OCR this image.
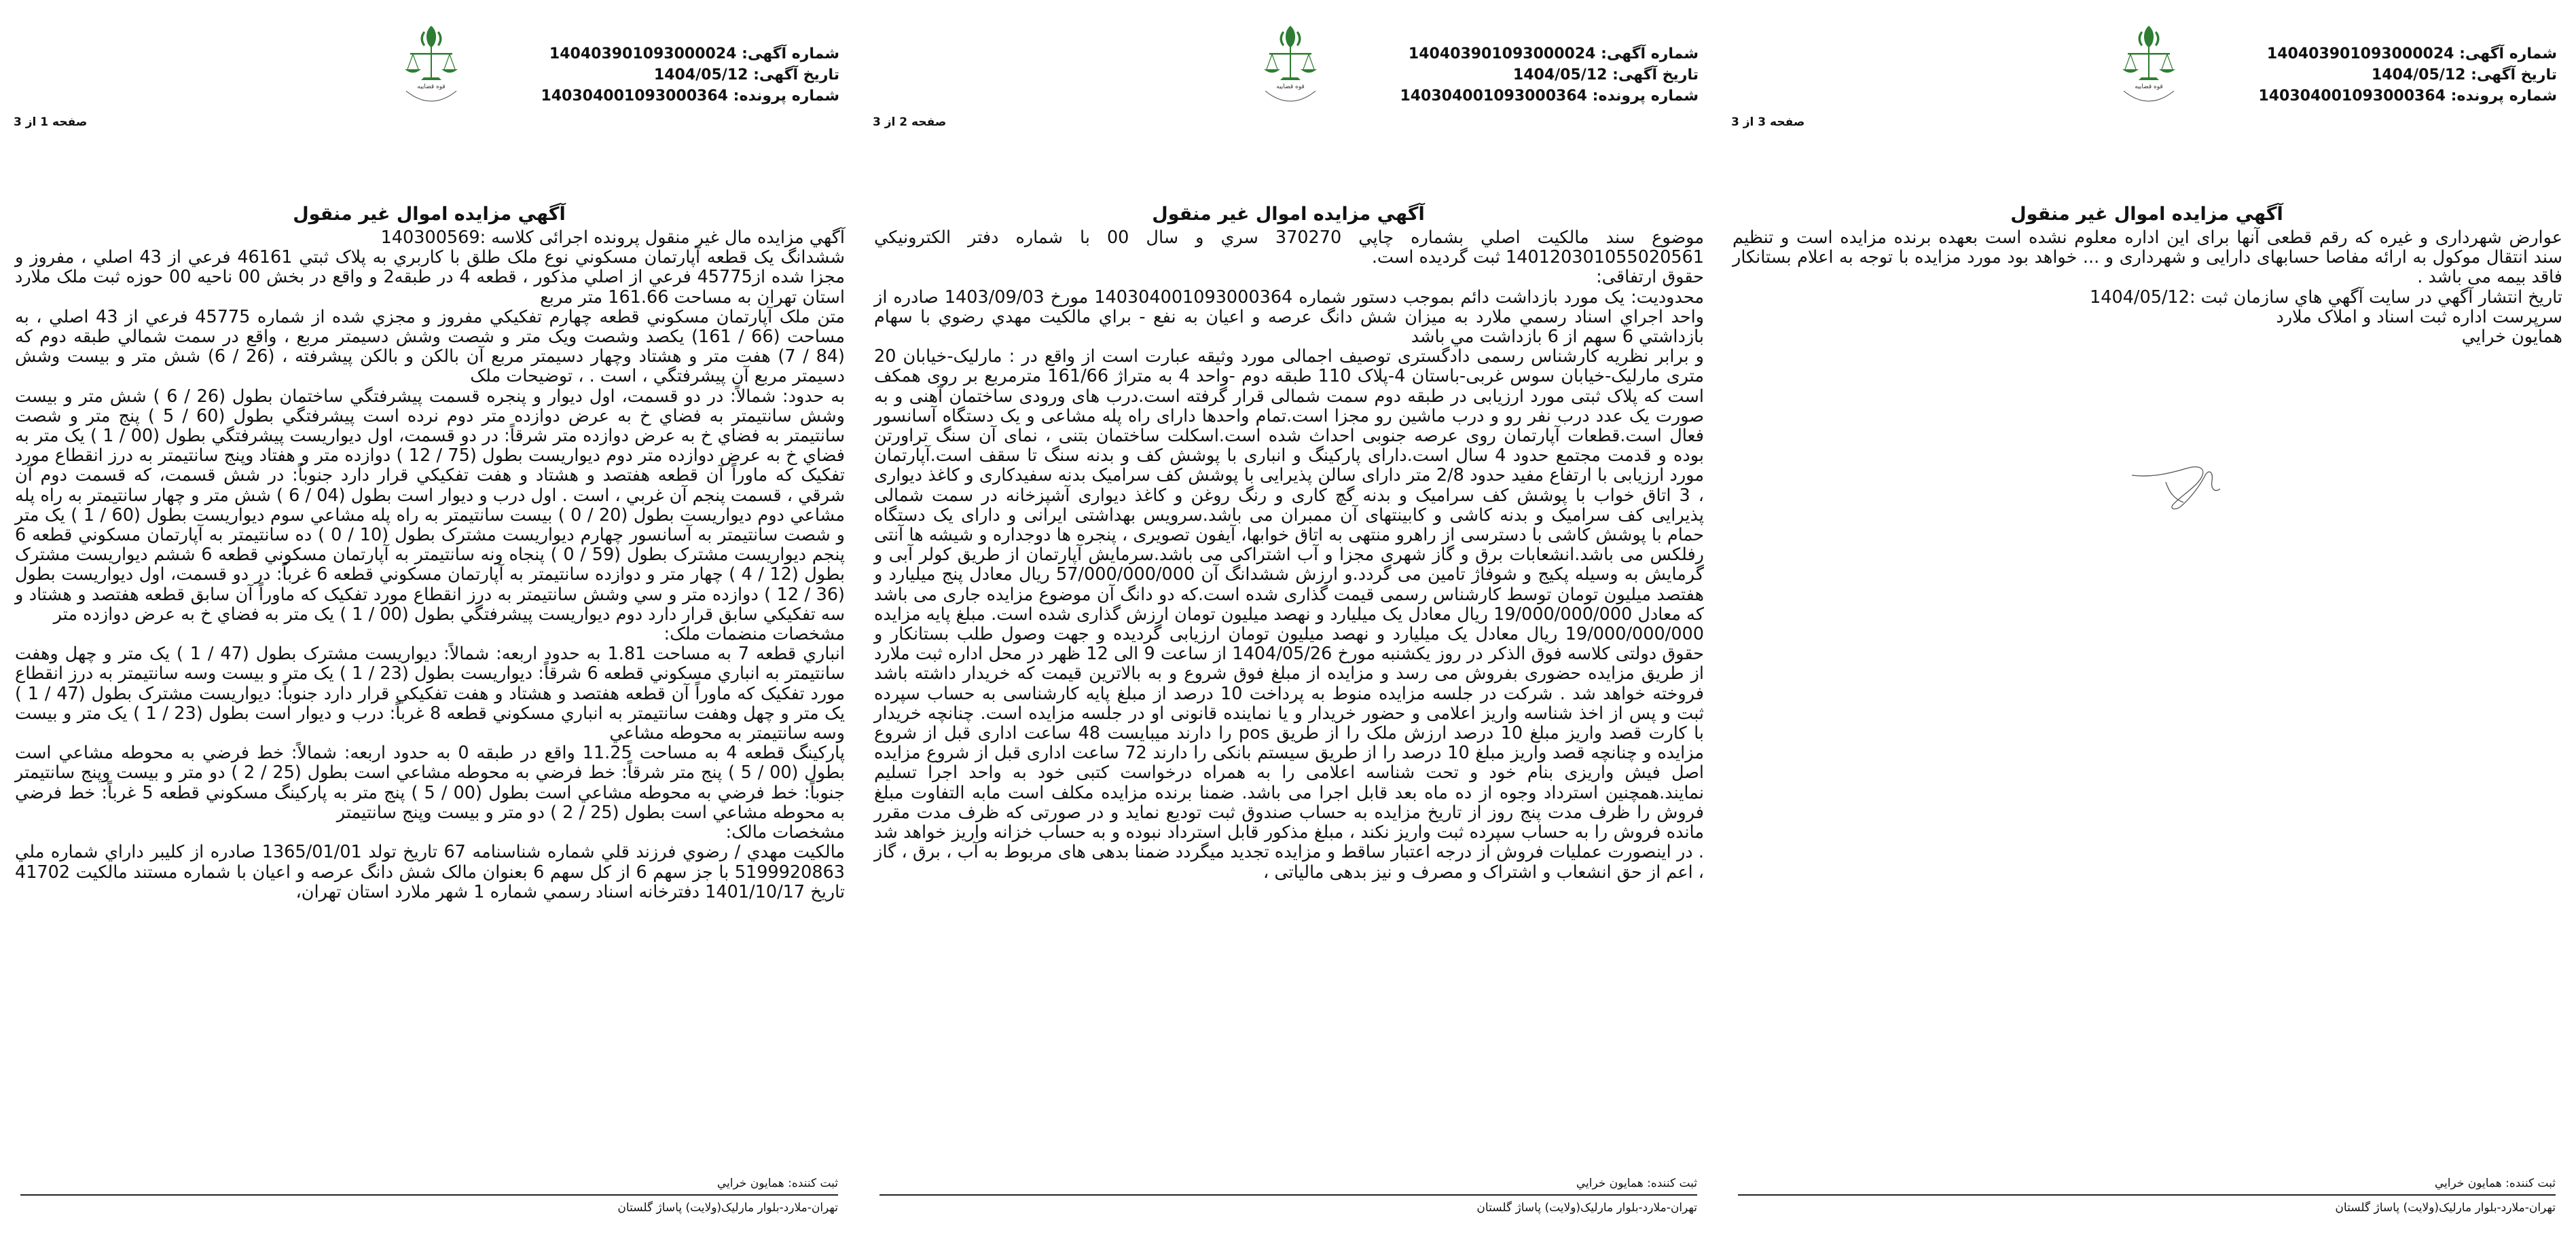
شماره آگهی: 140403901093000024
تاریخ آگهی: 1404/05/12
شماره پرونده: 140304001093000364
قوه قضاییه
صفحه 3 از 3
آگهي مزايده اموال غير منقول

عوارض شهرداری و غیره که رقم قطعی آنها برای این اداره معلوم نشده است بعهده برنده مزایده است و تنظیم سند انتقال موکول به ارائه مفاصا حسابهای دارایی و شهرداری و ... خواهد بود مورد مزایده با توجه به اعلام بستانکار فاقد بیمه می باشد .

تاريخ انتشار آگهي در سايت آگهي هاي سازمان ثبت :1404/05/12

سرپرست اداره ثبت اسناد و املاک ملارد

همايون خرايي

ثبت کننده: همايون خرايي
تهران-ملارد-بلوار مارليک(ولايت) پاساژ گلستان
شماره آگهی: 140403901093000024
تاریخ آگهی: 1404/05/12
شماره پرونده: 140304001093000364
قوه قضاییه
صفحه 2 از 3
آگهي مزايده اموال غير منقول

موضوع سند مالکیت اصلي بشماره چاپي 370270 سري و سال 00 با شماره دفتر الکترونيکي 140120301055020561 ثبت گرديده است.

حقوق ارتفاقی:

محدوديت: يک مورد بازداشت دائم بموجب دستور شماره 140304001093000364 مورخ 1403/09/03 صادره از واحد اجراي اسناد رسمي ملارد به ميزان شش دانگ عرصه و اعيان به نفع - براي مالکيت مهدي رضوي با سهام بازداشتي 6 سهم از 6 بازداشت مي باشد

و برابر نظریه کارشناس رسمی دادگستری توصیف اجمالی مورد وثیقه عبارت است از واقع در : مارلیک-خیابان 20 متری مارلیک-خیابان سوس غربی-باستان 4-پلاک 110 طبقه دوم -واحد 4 به متراژ 161/66 مترمربع بر روی همکف است که پلاک ثبتی مورد ارزیابی در طبقه دوم سمت شمالی قرار گرفته است.درب های ورودی ساختمان آهنی و به صورت یک عدد درب نفر رو و درب ماشین رو مجزا است.تمام واحدها دارای راه پله مشاعی و یک دستگاه آسانسور فعال است.قطعات آپارتمان روی عرصه جنوبی احداث شده است.اسکلت ساختمان بتنی ، نمای آن سنگ تراورتن بوده و قدمت مجتمع حدود 4 سال است.دارای پارکینگ و انباری با پوشش کف و بدنه سنگ تا سقف است.آپارتمان مورد ارزیابی با ارتفاع مفید حدود 2/8 متر دارای سالن پذیرایی با پوشش کف سرامیک بدنه سفیدکاری و کاغذ دیواری ، 3 اتاق خواب با پوشش کف سرامیک و بدنه گچ کاری و رنگ روغن و کاغذ دیواری آشپزخانه در سمت شمالی پذیرایی کف سرامیک و بدنه کاشی و کابینتهای آن ممبران می باشد.سرویس بهداشتی ایرانی و دارای یک دستگاه حمام با پوشش کاشی با دسترسی از راهرو منتهی به اتاق خوابها، آیفون تصویری ، پنجره ها دوجداره و شیشه ها آنتی رفلکس می باشد.انشعابات برق و گاز شهری مجزا و آب اشتراکی می باشد.سرمایش آپارتمان از طریق کولر آبی و گرمایش به وسیله پکیج و شوفاژ تامین می گردد.و ارزش ششدانگ آن 57/000/000/000 ریال معادل پنج میلیارد و هفتصد میلیون تومان توسط کارشناس رسمی قیمت گذاری شده است.که دو دانگ آن موضوع مزایده جاری می باشد که معادل 19/000/000/000 ریال معادل یک میلیارد و نهصد میلیون تومان ارزش گذاری شده است. مبلغ پایه مزایده 19/000/000/000 ریال معادل یک میلیارد و نهصد میلیون تومان ارزیابی گردیده و جهت وصول طلب بستانکار و حقوق دولتی کلاسه فوق الذکر در روز یکشنبه مورخ 1404/05/26 از ساعت 9 الی 12 ظهر در محل اداره ثبت ملارد از طریق مزایده حضوری بفروش می رسد و مزایده از مبلغ فوق شروع و به بالاترین قیمت که خریدار داشته باشد فروخته خواهد شد . شرکت در جلسه مزایده منوط به پرداخت 10 درصد از مبلغ پایه کارشناسی به حساب سپرده ثبت و پس از اخذ شناسه واریز اعلامی و حضور خریدار و یا نماینده قانونی او در جلسه مزایده است. چنانچه خریدار با کارت قصد واریز مبلغ 10 درصد ارزش ملک را از طریق pos را دارند میبایست 48 ساعت اداری قبل از شروع مزایده و چنانچه قصد واریز مبلغ 10 درصد را از طریق سیستم بانکی را دارند 72 ساعت اداری قبل از شروع مزایده اصل فیش واریزی بنام خود و تحت شناسه اعلامی را به همراه درخواست کتبی خود به واحد اجرا تسلیم نمایند.همچنین استرداد وجوه از ده ماه بعد قابل اجرا می باشد. ضمنا برنده مزایده مکلف است مابه التفاوت مبلغ فروش را ظرف مدت پنج روز از تاریخ مزایده به حساب صندوق ثبت تودیع نماید و در صورتی که ظرف مدت مقرر مانده فروش را به حساب سپرده ثبت واریز نکند ، مبلغ مذکور قابل استرداد نبوده و به حساب خزانه واریز خواهد شد . در اینصورت عملیات فروش از درجه اعتبار ساقط و مزایده تجدید میگردد ضمنا بدهی های مربوط به آب ، برق ، گاز ، اعم از حق انشعاب و اشتراک و مصرف و نیز بدهی مالیاتی ،

ثبت کننده: همايون خرايي
تهران-ملارد-بلوار مارليک(ولايت) پاساژ گلستان
شماره آگهی: 140403901093000024
تاریخ آگهی: 1404/05/12
شماره پرونده: 140304001093000364
قوه قضاییه
صفحه 1 از 3
آگهي مزايده اموال غير منقول

آگهي مزايده مال غير منقول پرونده اجرائی کلاسه :140300569

ششدانگ يک قطعه آپارتمان مسکوني نوع ملک طلق با کاربري به پلاک ثبتي 46161 فرعي از 43 اصلي ، مفروز و مجزا شده از45775 فرعي از اصلي مذکور ، قطعه 4 در طبقه2 و واقع در بخش 00 ناحيه 00 حوزه ثبت ملک ملارد استان تهران به مساحت 161.66 متر مربع

متن ملک آپارتمان مسکوني قطعه چهارم تفکيکي مفروز و مجزي شده از شماره 45775 فرعي از 43 اصلي ، به مساحت (66 / 161) يکصد وشصت ويک متر و شصت وشش دسيمتر مربع ، واقع در سمت شمالي طبقه دوم که (84 / 7) هفت متر و هشتاد وچهار دسيمتر مربع آن بالکن و بالکن پيشرفته ، (26 / 6) شش متر و بيست وشش دسيمتر مربع آن پيشرفتگي ، است . ، توضيحات ملک

به حدود: شمالاً: در دو قسمت، اول ديوار و پنجره قسمت پيشرفتگي ساختمان بطول (26 / 6 ) شش متر و بيست وشش سانتيمتر به فضاي خ به عرض دوازده متر دوم نرده است پيشرفتگي بطول (60 / 5 ) پنج متر و شصت سانتيمتر به فضاي خ به عرض دوازده متر شرقاً: در دو قسمت، اول ديواريست پيشرفتگي بطول (00 / 1 ) يک متر به فضاي خ به عرض دوازده متر دوم ديواريست بطول (75 / 12 ) دوازده متر و هفتاد وپنج سانتيمتر به درز انقطاع مورد تفکيک که ماوراً آن قطعه هفتصد و هشتاد و هفت تفکيکي قرار دارد جنوباً: در شش قسمت، که قسمت دوم آن شرقي ، قسمت پنجم آن غربي ، است . اول درب و ديوار است بطول (04 / 6 ) شش متر و چهار سانتيمتر به راه پله مشاعي دوم ديواريست بطول (20 / 0 ) بيست سانتيمتر به راه پله مشاعي سوم ديواريست بطول (60 / 1 ) يک متر و شصت سانتيمتر به آسانسور چهارم ديواريست مشترک بطول (10 / 0 ) ده سانتيمتر به آپارتمان مسکوني قطعه 6 پنجم ديواريست مشترک بطول (59 / 0 ) پنجاه ونه سانتيمتر به آپارتمان مسکوني قطعه 6 ششم ديواريست مشترک بطول (12 / 4 ) چهار متر و دوازده سانتيمتر به آپارتمان مسکوني قطعه 6 غرباً: در دو قسمت، اول ديواريست بطول (36 / 12 ) دوازده متر و سي وشش سانتيمتر به درز انقطاع مورد تفکيک که ماوراً آن سابق قطعه هفتصد و هشتاد و سه تفکيکي سابق قرار دارد دوم ديواريست پيشرفتگي بطول (00 / 1 ) يک متر به فضاي خ به عرض دوازده متر

مشخصات منضمات ملک:

انباري قطعه 7 به مساحت 1.81 به حدود اربعه: شمالاً: ديواريست مشترک بطول (47 / 1 ) يک متر و چهل وهفت سانتيمتر به انباري مسکوني قطعه 6 شرقاً: ديواريست بطول (23 / 1 ) يک متر و بيست وسه سانتيمتر به درز انقطاع مورد تفکيک که ماوراً آن قطعه هفتصد و هشتاد و هفت تفکيکي قرار دارد جنوباً: ديواريست مشترک بطول (47 / 1 ) يک متر و چهل وهفت سانتيمتر به انباري مسکوني قطعه 8 غرباً: درب و ديوار است بطول (23 / 1 ) يک متر و بيست وسه سانتيمتر به محوطه مشاعي

پارکينگ قطعه 4 به مساحت 11.25 واقع در طبقه 0 به حدود اربعه: شمالاً: خط فرضي به محوطه مشاعي است بطول (00 / 5 ) پنج متر شرقاً: خط فرضي به محوطه مشاعي است بطول (25 / 2 ) دو متر و بيست وپنج سانتيمتر جنوباً: خط فرضي به محوطه مشاعي است بطول (00 / 5 ) پنج متر به پارکينگ مسکوني قطعه 5 غرباً: خط فرضي به محوطه مشاعي است بطول (25 / 2 ) دو متر و بيست وپنج سانتيمتر

مشخصات مالک:

مالکيت مهدي / رضوي فرزند قلي شماره شناسنامه 67 تاريخ تولد 1365/01/01 صادره از کليبر داراي شماره ملي 5199920863 با جز سهم 6 از کل سهم 6 بعنوان مالک شش دانگ عرصه و اعيان با شماره مستند مالکيت 41702 تاريخ 1401/10/17 دفترخانه اسناد رسمي شماره 1 شهر ملارد استان تهران،

ثبت کننده: همايون خرايي
تهران-ملارد-بلوار مارليک(ولايت) پاساژ گلستان
